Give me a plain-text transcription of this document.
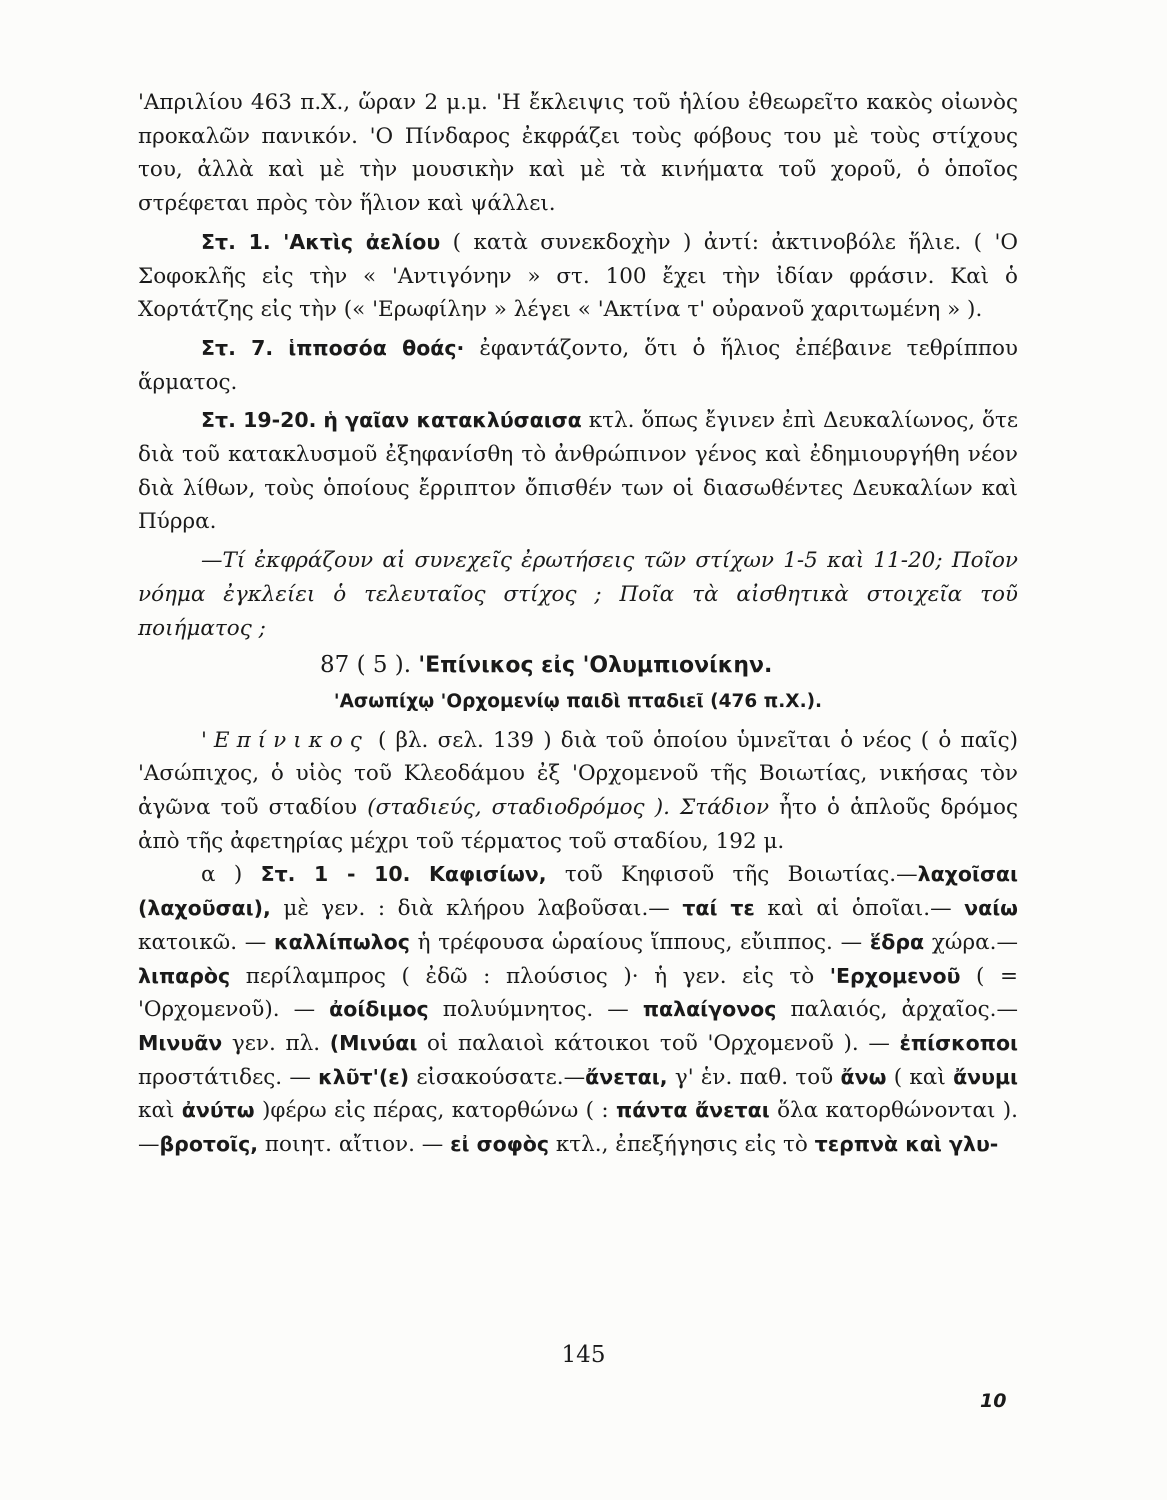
'Απριλίου 463 π.Χ., ὥραν 2 μ.μ. 'Η ἔκλειψις τοῦ ἡλίου ἐθεωρεῖτο κακὸς οἰωνὸς προκαλῶν πανικόν. 'Ο Πίνδαρος ἐκφράζει τοὺς φόβους του μὲ τοὺς στίχους του, ἀλλὰ καὶ μὲ τὴν μουσικὴν καὶ μὲ τὰ κινήματα τοῦ χοροῦ, ὁ ὁποῖος στρέφεται πρὸς τὸν ἥλιον καὶ ψάλλει.

Στ. 1. 'Ακτὶς ἀελίου ( κατὰ συνεκδοχὴν ) ἀντί: ἀκτινοβόλε ἥλιε. ( 'Ο Σοφοκλῆς εἰς τὴν « 'Αντιγόνην » στ. 100 ἔχει τὴν ἰδίαν φράσιν. Καὶ ὁ Χορτάτζης εἰς τὴν (« 'Ερωφίλην » λέγει « 'Ακτίνα τ' οὐρανοῦ χαριτωμένη » ).

Στ. 7. ἱπποσόα θοάς· ἐφαντάζοντο, ὅτι ὁ ἥλιος ἐπέβαινε τεθρίππου ἅρματος.

Στ. 19-20. ἡ γαῖαν κατακλύσαισα κτλ. ὅπως ἔγινεν ἐπὶ Δευκαλίωνος, ὅτε διὰ τοῦ κατακλυσμοῦ ἐξηφανίσθη τὸ ἀνθρώπινον γένος καὶ ἐδημιουργήθη νέον διὰ λίθων, τοὺς ὁποίους ἔρριπτον ὄπισθέν των οἱ διασωθέντες Δευκαλίων καὶ Πύρρα.

—Τί ἐκφράζουν αἱ συνεχεῖς ἐρωτήσεις τῶν στίχων 1-5 καὶ 11-20; Ποῖον νόημα ἐγκλείει ὁ τελευταῖος στίχος ; Ποῖα τὰ αἰσθητικὰ στοιχεῖα τοῦ ποιήματος ;

87 ( 5 ). 'Επίνικος εἰς 'Ολυμπιονίκην.

'Ασωπίχῳ 'Ορχομενίῳ παιδὶ πταδιεῖ (476 π.Χ.).

'Επίνικος ( βλ. σελ. 139 ) διὰ τοῦ ὁποίου ὑμνεῖται ὁ νέος ( ὁ παῖς) 'Ασώπιχος, ὁ υἱὸς τοῦ Κλεοδάμου ἐξ 'Ορχομενοῦ τῆς Βοιωτίας, νικήσας τὸν ἀγῶνα τοῦ σταδίου (σταδιεύς, σταδιοδρόμος ). Στάδιον ἦτο ὁ ἁπλοῦς δρόμος ἀπὸ τῆς ἀφετηρίας μέχρι τοῦ τέρματος τοῦ σταδίου, 192 μ.

α ) Στ. 1 - 10. Καφισίων, τοῦ Κηφισοῦ τῆς Βοιωτίας.—λαχοῖσαι (λαχοῦσαι), μὲ γεν. : διὰ κλήρου λαβοῦσαι.— ταί τε καὶ αἱ ὁποῖαι.— ναίω κατοικῶ. — καλλίπωλος ἡ τρέφουσα ὡραίους ἵππους, εὔιππος. — ἕδρα χώρα.— λιπαρὸς περίλαμπρος ( ἐδῶ : πλούσιος )· ἡ γεν. εἰς τὸ 'Ερχομενοῦ ( = 'Ορχομενοῦ). — ἀοίδιμος πολυύμνητος. — παλαίγονος παλαιός, ἀρχαῖος.—Μινυᾶν γεν. πλ. (Μινύαι οἱ παλαιοὶ κάτοικοι τοῦ 'Ορχομενοῦ ). — ἐπίσκοποι προστάτιδες. — κλῦτ'(ε) εἰσακούσατε.—ἄνεται, γ' ἑν. παθ. τοῦ ἄνω ( καὶ ἄνυμι καὶ ἀνύτω )φέρω εἰς πέρας, κατορθώνω ( : πάντα ἄνεται ὅλα κατορθώνονται ). —βροτοῖς, ποιητ. αἴτιον. — εἰ σοφὸς κτλ., ἐπεξήγησις εἰς τὸ τερπνὰ καὶ γλυ-

145
10
